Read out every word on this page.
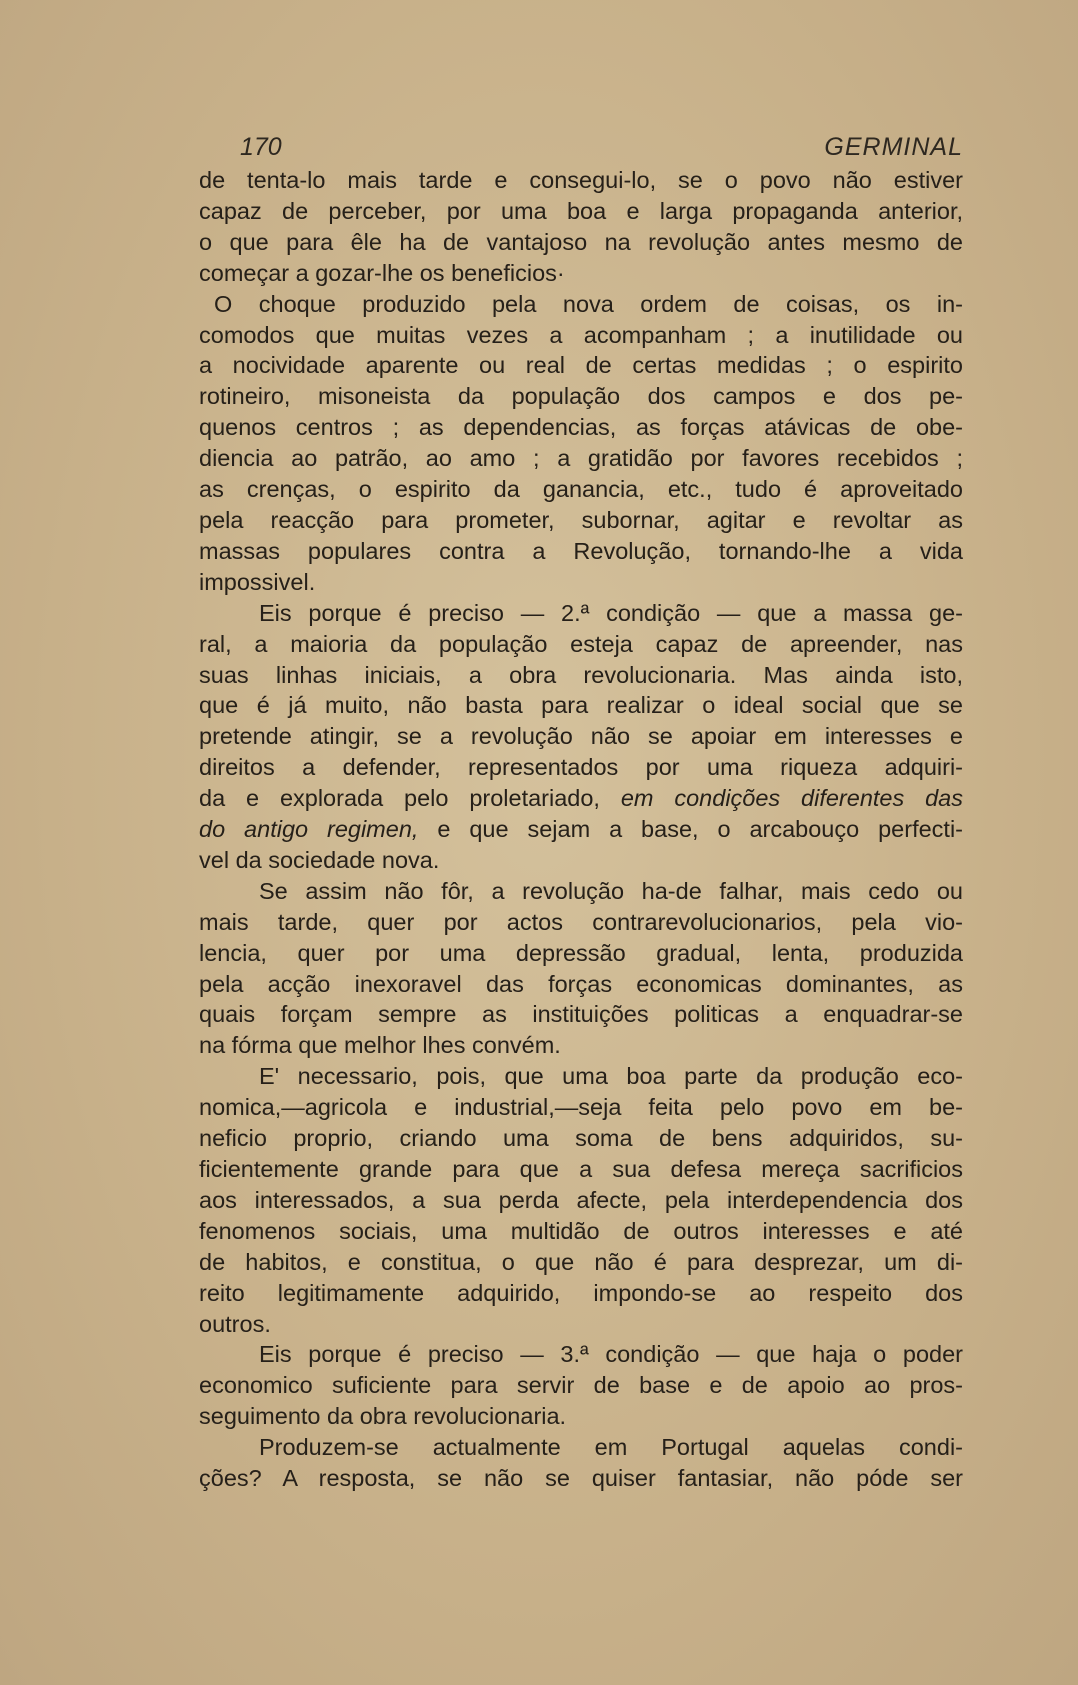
170	GERMINAL

de tenta-lo mais tarde e consegui-lo, se o povo não estiver
capaz de perceber, por uma boa e larga propaganda anterior,
o que para êle ha de vantajoso na revolução antes mesmo de
começar a gozar-lhe os beneficios·

O choque produzido pela nova ordem de coisas, os in-
comodos que muitas vezes a acompanham ; a inutilidade ou
a nocividade aparente ou real de certas medidas ; o espirito
rotineiro, misoneista da população dos campos e dos pe-
quenos centros ; as dependencias, as forças atávicas de obe-
diencia ao patrão, ao amo ; a gratidão por favores recebidos ;
as crenças, o espirito da ganancia, etc., tudo é aproveitado
pela reacção para prometer, subornar, agitar e revoltar as
massas populares contra a Revolução, tornando-lhe a vida
impossivel.

Eis porque é preciso — 2.ª condição — que a massa ge-
ral, a maioria da população esteja capaz de apreender, nas
suas linhas iniciais, a obra revolucionaria. Mas ainda isto,
que é já muito, não basta para realizar o ideal social que se
pretende atingir, se a revolução não se apoiar em interesses e
direitos a defender, representados por uma riqueza adquiri-
da e explorada pelo proletariado, em condições diferentes das
do antigo regimen, e que sejam a base, o arcabouço perfecti-
vel da sociedade nova.

Se assim não fôr, a revolução ha-de falhar, mais cedo ou
mais tarde, quer por actos contrarevolucionarios, pela vio-
lencia, quer por uma depressão gradual, lenta, produzida
pela acção inexoravel das forças economicas dominantes, as
quais forçam sempre as instituições politicas a enquadrar-se
na fórma que melhor lhes convém.

E' necessario, pois, que uma boa parte da produção eco-
nomica,—agricola e industrial,—seja feita pelo povo em be-
neficio proprio, criando uma soma de bens adquiridos, su-
ficientemente grande para que a sua defesa mereça sacrificios
aos interessados, a sua perda afecte, pela interdependencia dos
fenomenos sociais, uma multidão de outros interesses e até
de habitos, e constitua, o que não é para desprezar, um di-
reito legitimamente adquirido, impondo-se ao respeito dos
outros.

Eis porque é preciso — 3.ª condição — que haja o poder
economico suficiente para servir de base e de apoio ao pros-
seguimento da obra revolucionaria.

Produzem-se actualmente em Portugal aquelas condi-
ções? A resposta, se não se quiser fantasiar, não póde ser
